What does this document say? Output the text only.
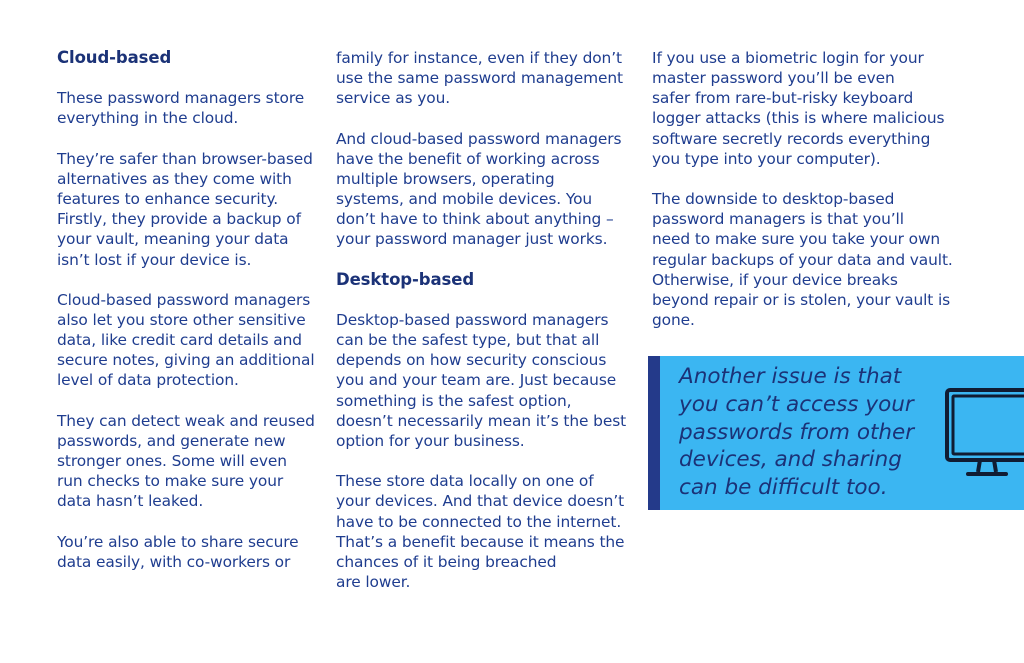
Cloud-based
These password managers store
everything in the cloud.
They’re safer than browser-based
alternatives as they come with
features to enhance security.
Firstly, they provide a backup of
your vault, meaning your data
isn’t lost if your device is.
Cloud-based password managers
also let you store other sensitive
data, like credit card details and
secure notes, giving an additional
level of data protection.
They can detect weak and reused
passwords, and generate new
stronger ones. Some will even
run checks to make sure your
data hasn’t leaked.
You’re also able to share secure
data easily, with co-workers or
family for instance, even if they don’t
use the same password management
service as you.
And cloud-based password managers
have the benefit of working across
multiple browsers, operating
systems, and mobile devices. You
don’t have to think about anything –
your password manager just works.
Desktop-based
Desktop-based password managers
can be the safest type, but that all
depends on how security conscious
you and your team are. Just because
something is the safest option,
doesn’t necessarily mean it’s the best
option for your business.
These store data locally on one of
your devices. And that device doesn’t
have to be connected to the internet.
That’s a benefit because it means the
chances of it being breached
are lower.
If you use a biometric login for your
master password you’ll be even
safer from rare-but-risky keyboard
logger attacks (this is where malicious
software secretly records everything
you type into your computer).
The downside to desktop-based
password managers is that you’ll
need to make sure you take your own
regular backups of your data and vault.
Otherwise, if your device breaks
beyond repair or is stolen, your vault is
gone.
Another issue is that
you can’t access your
passwords from other
devices, and sharing
can be difficult too.
